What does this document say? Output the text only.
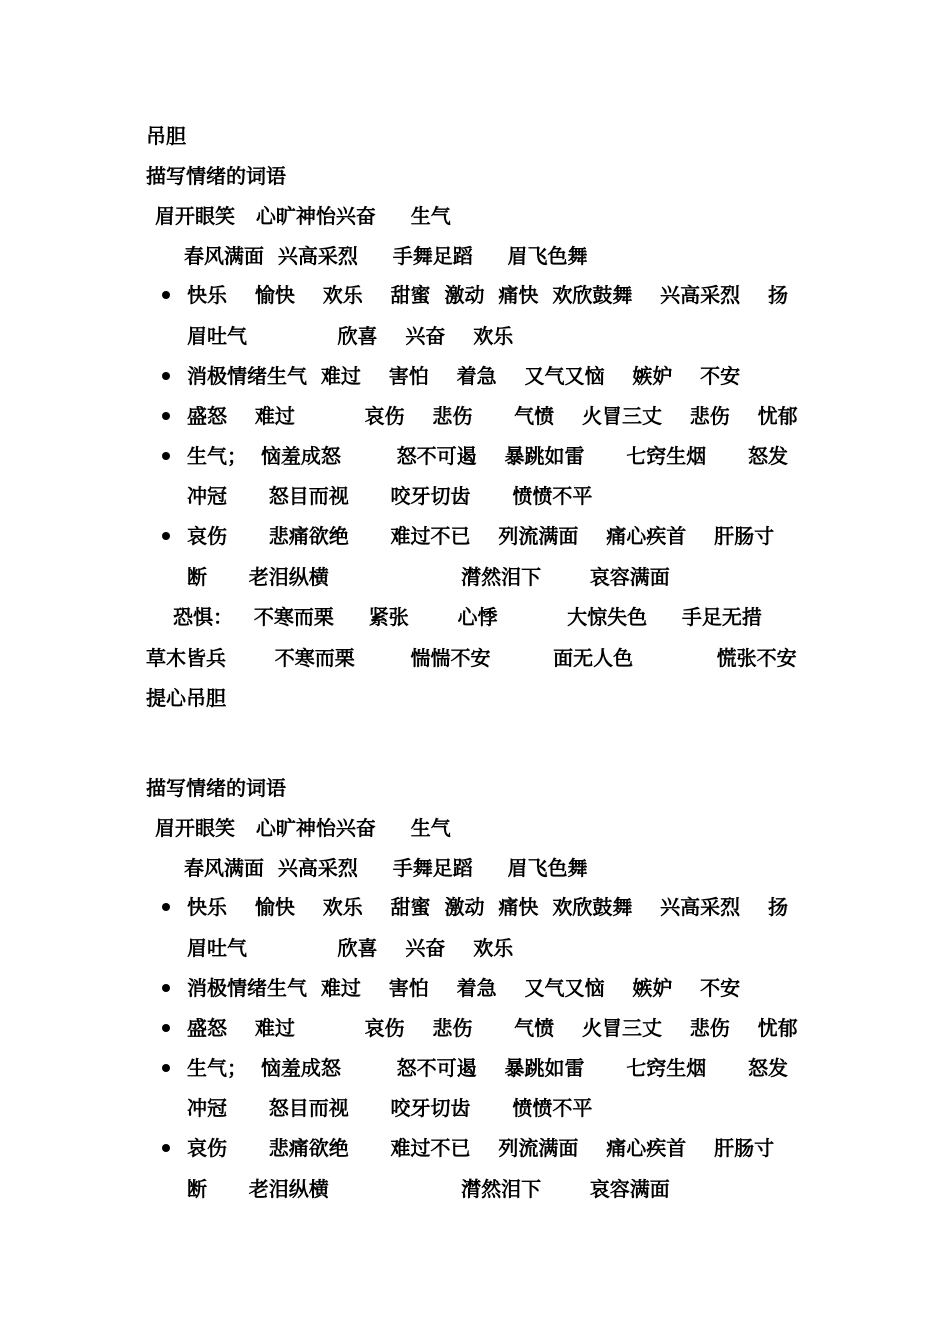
吊胆
描写情绪的词语
眉开眼笑   心旷神怡兴奋     生气
春风满面  兴高采烈     手舞足蹈     眉飞色舞
快乐    愉快    欢乐    甜蜜  激动  痛快  欢欣鼓舞    兴高采烈    扬
眉吐气             欣喜    兴奋    欢乐
消极情绪生气  难过    害怕    着急    又气又恼    嫉妒    不安
盛怒    难过          哀伤    悲伤      气愤    火冒三丈    悲伤    忧郁
生气；  恼羞成怒        怒不可遏    暴跳如雷      七窍生烟      怒发
冲冠      怒目而视      咬牙切齿      愤愤不平
哀伤      悲痛欲绝      难过不已    列流满面    痛心疾首    肝肠寸
断      老泪纵横                   潸然泪下       哀容满面
恐惧：   不寒而栗     紧张       心悸          大惊失色     手足无措
草木皆兵       不寒而栗        惴惴不安         面无人色            慌张不安
提心吊胆
描写情绪的词语
眉开眼笑   心旷神怡兴奋     生气
春风满面  兴高采烈     手舞足蹈     眉飞色舞
快乐    愉快    欢乐    甜蜜  激动  痛快  欢欣鼓舞    兴高采烈    扬
眉吐气             欣喜    兴奋    欢乐
消极情绪生气  难过    害怕    着急    又气又恼    嫉妒    不安
盛怒    难过          哀伤    悲伤      气愤    火冒三丈    悲伤    忧郁
生气；  恼羞成怒        怒不可遏    暴跳如雷      七窍生烟      怒发
冲冠      怒目而视      咬牙切齿      愤愤不平
哀伤      悲痛欲绝      难过不已    列流满面    痛心疾首    肝肠寸
断      老泪纵横                   潸然泪下       哀容满面
